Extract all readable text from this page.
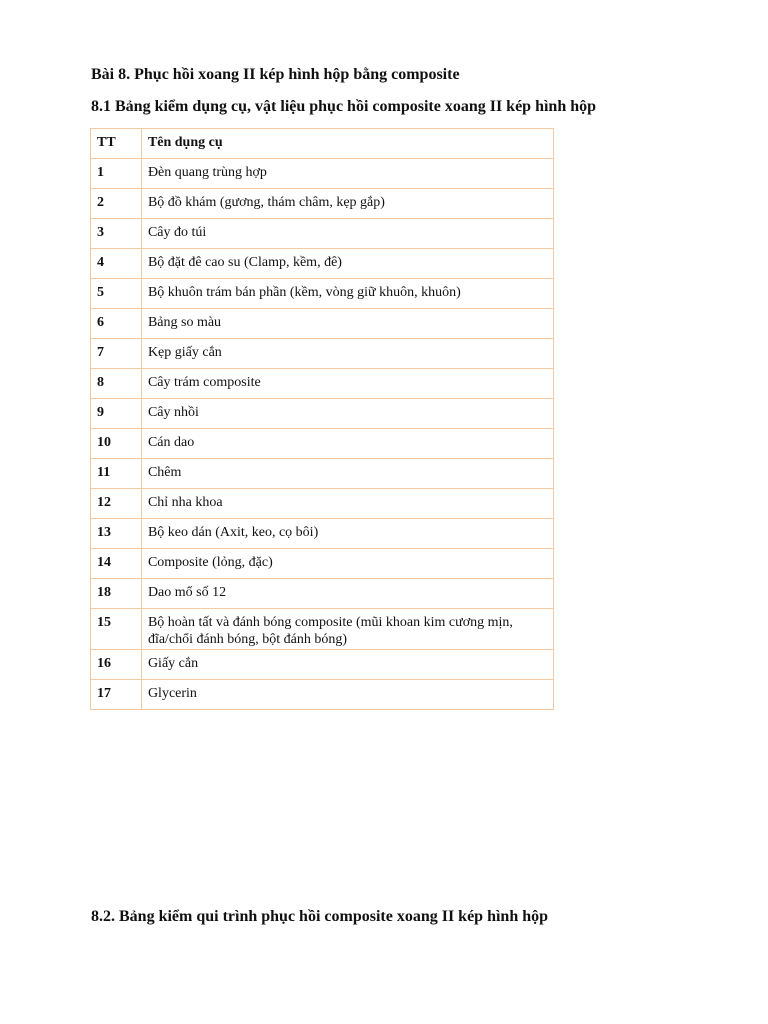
Bài 8. Phục hồi xoang II kép hình hộp bằng composite
8.1 Bảng kiểm dụng cụ, vật liệu phục hồi composite xoang II kép hình hộp
TT	Tên dụng cụ
1	Đèn quang trùng hợp
2	Bộ đồ khám (gương, thám châm, kẹp gắp)
3	Cây đo túi
4	Bộ đặt đê cao su (Clamp, kềm, đê)
5	Bộ khuôn trám bán phần (kềm, vòng giữ khuôn, khuôn)
6	Bảng so màu
7	Kẹp giấy cắn
8	Cây trám composite
9	Cây nhồi
10	Cán dao
11	Chêm
12	Chỉ nha khoa
13	Bộ keo dán (Axit, keo, cọ bôi)
14	Composite (lỏng, đặc)
18	Dao mổ số 12
15	Bộ hoàn tất và đánh bóng composite (mũi khoan kim cương mịn, đĩa/chổi đánh bóng, bột đánh bóng)
16	Giấy cắn
17	Glycerin
8.2. Bảng kiểm qui trình phục hồi composite xoang II kép hình hộp
